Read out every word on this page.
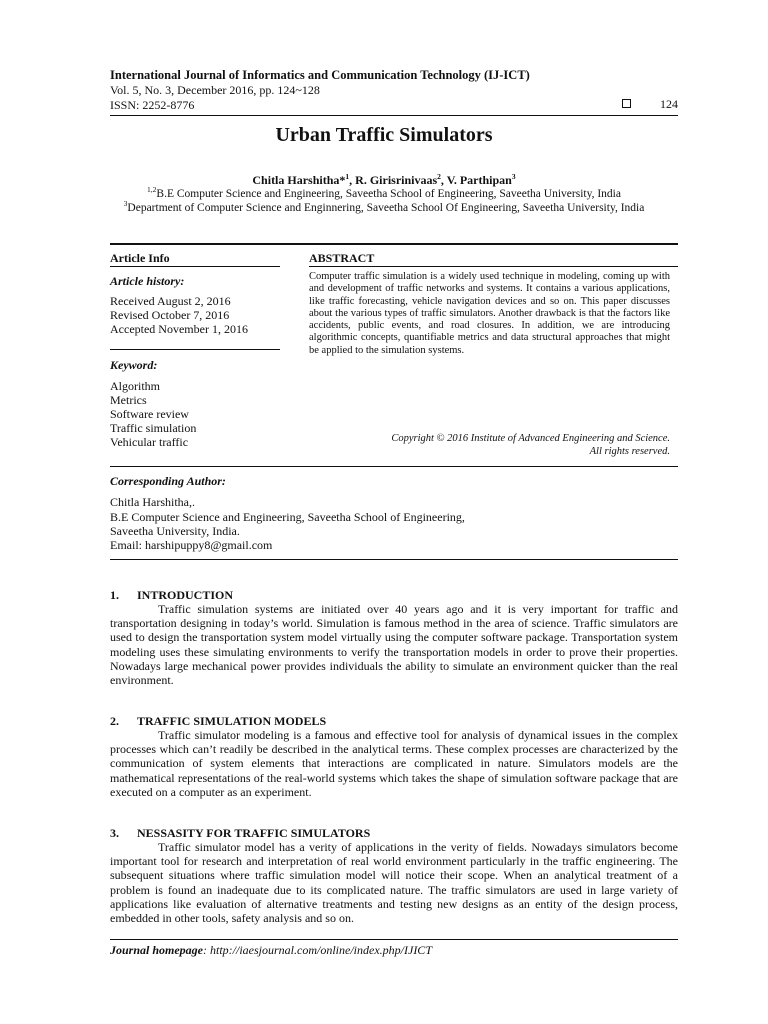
International Journal of Informatics and Communication Technology (IJ-ICT)
Vol. 5, No. 3, December 2016, pp. 124~128
ISSN: 2252-8776	124
Urban Traffic Simulators
Chitla Harshitha*$^1$, R. Girisrinivaas$^2$, V. Parthipan$^3$
$^{1,2}$B.E Computer Science and Engineering, Saveetha School of Engineering, Saveetha University, India
$^3$Department of Computer Science and Enginnering, Saveetha School Of Engineering, Saveetha University, India
Article Info	ABSTRACT
Article history:
Received August 2, 2016
Revised October 7, 2016
Accepted November 1, 2016
Keyword:
Algorithm
Metrics
Software review
Traffic simulation
Vehicular traffic

Computer traffic simulation is a widely used technique in modeling, coming up with and development of traffic networks and systems. It contains a various applications, like traffic forecasting, vehicle navigation devices and so on. This paper discusses about the various types of traffic simulators. Another drawback is that the factors like accidents, public events, and road closures. In addition, we are introducing algorithmic concepts, quantifiable metrics and data structural approaches that might be applied to the simulation systems.

Copyright © 2016 Institute of Advanced Engineering and Science.
All rights reserved.
Corresponding Author:
Chitla Harshitha,.
B.E Computer Science and Engineering, Saveetha School of Engineering,
Saveetha University, India.
Email: harshipuppy8@gmail.com
1. INTRODUCTION

Traffic simulation systems are initiated over 40 years ago and it is very important for traffic and transportation designing in today’s world. Simulation is famous method in the area of science. Traffic simulators are used to design the transportation system model virtually using the computer software package. Transportation system modeling uses these simulating environments to verify the transportation models in order to prove their properties. Nowadays large mechanical power provides individuals the ability to simulate an environment quicker than the real environment.

2. TRAFFIC SIMULATION MODELS

Traffic simulator modeling is a famous and effective tool for analysis of dynamical issues in the complex processes which can’t readily be described in the analytical terms. These complex processes are characterized by the communication of system elements that interactions are complicated in nature. Simulators models are the mathematical representations of the real-world systems which takes the shape of simulation software package that are executed on a computer as an experiment.

3. NESSASITY FOR TRAFFIC SIMULATORS

Traffic simulator model has a verity of applications in the verity of fields. Nowadays simulators become important tool for research and interpretation of real world environment particularly in the traffic engineering. The subsequent situations where traffic simulation model will notice their scope. When an analytical treatment of a problem is found an inadequate due to its complicated nature. The traffic simulators are used in large variety of applications like evaluation of alternative treatments and testing new designs as an entity of the design process, embedded in other tools, safety analysis and so on.

Journal homepage: http://iaesjournal.com/online/index.php/IJICT
